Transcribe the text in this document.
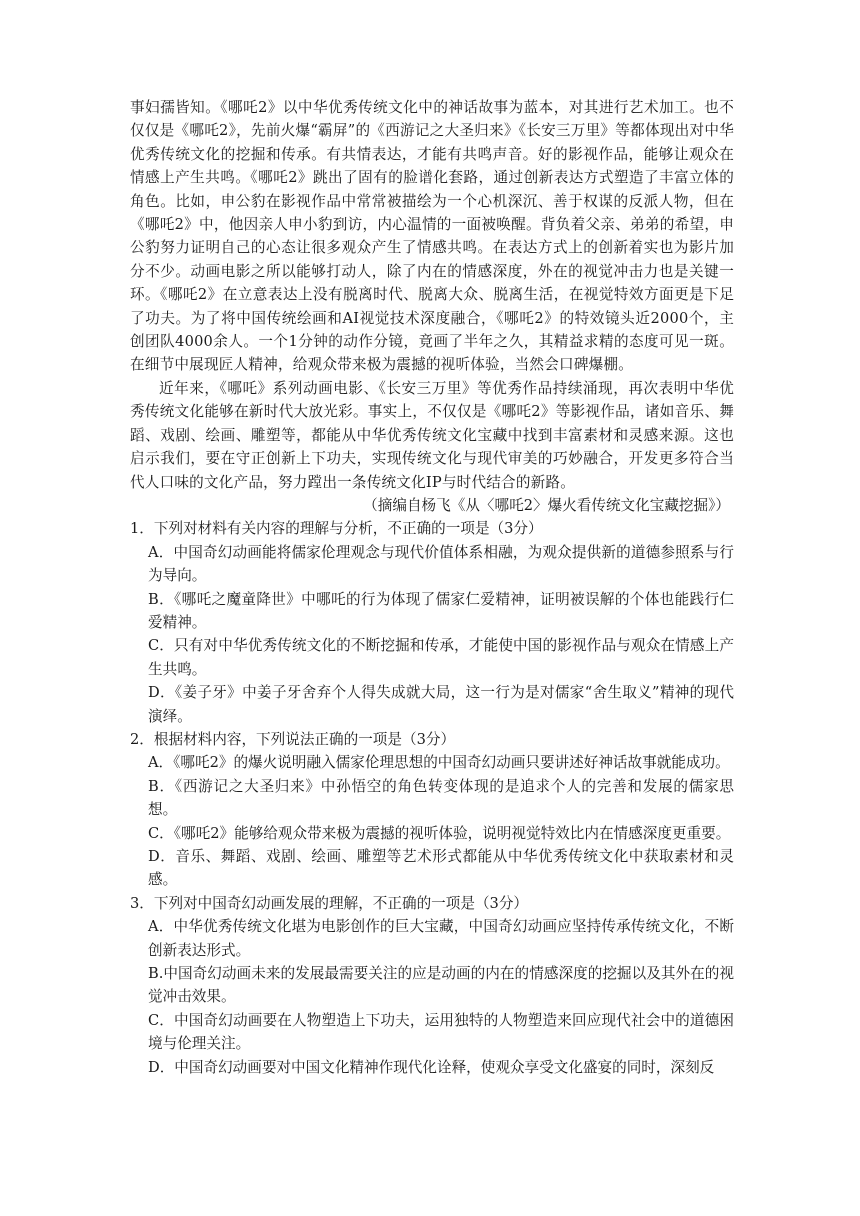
事妇孺皆知。《哪吒2》以中华优秀传统文化中的神话故事为蓝本，对其进行艺术加工。也不仅仅是《哪吒2》，先前火爆“霸屏”的《西游记之大圣归来》《长安三万里》等都体现出对中华优秀传统文化的挖掘和传承。有共情表达，才能有共鸣声音。好的影视作品，能够让观众在情感上产生共鸣。《哪吒2》跳出了固有的脸谱化套路，通过创新表达方式塑造了丰富立体的角色。比如，申公豹在影视作品中常常被描绘为一个心机深沉、善于权谋的反派人物，但在《哪吒2》中，他因亲人申小豹到访，内心温情的一面被唤醒。背负着父亲、弟弟的希望，申公豹努力证明自己的心态让很多观众产生了情感共鸣。在表达方式上的创新着实也为影片加分不少。动画电影之所以能够打动人，除了内在的情感深度，外在的视觉冲击力也是关键一环。《哪吒2》在立意表达上没有脱离时代、脱离大众、脱离生活，在视觉特效方面更是下足了功夫。为了将中国传统绘画和AI视觉技术深度融合，《哪吒2》的特效镜头近2000个，主创团队4000余人。一个1分钟的动作分镜，竟画了半年之久，其精益求精的态度可见一斑。在细节中展现匠人精神，给观众带来极为震撼的视听体验，当然会口碑爆棚。

近年来，《哪吒》系列动画电影、《长安三万里》等优秀作品持续涌现，再次表明中华优秀传统文化能够在新时代大放光彩。事实上，不仅仅是《哪吒2》等影视作品，诸如音乐、舞蹈、戏剧、绘画、雕塑等，都能从中华优秀传统文化宝藏中找到丰富素材和灵感来源。这也启示我们，要在守正创新上下功夫，实现传统文化与现代审美的巧妙融合，开发更多符合当代人口味的文化产品，努力蹚出一条传统文化IP与时代结合的新路。

（摘编自杨飞《从〈哪吒2〉爆火看传统文化宝藏挖掘》）

1．下列对材料有关内容的理解与分析，不正确的一项是（3分）

A．中国奇幻动画能将儒家伦理观念与现代价值体系相融，为观众提供新的道德参照系与行为导向。
B．《哪吒之魔童降世》中哪吒的行为体现了儒家仁爱精神，证明被误解的个体也能践行仁爱精神。
C．只有对中华优秀传统文化的不断挖掘和传承，才能使中国的影视作品与观众在情感上产生共鸣。
D．《姜子牙》中姜子牙舍弃个人得失成就大局，这一行为是对儒家“舍生取义”精神的现代演绎。

2．根据材料内容，下列说法正确的一项是（3分）

A．《哪吒2》的爆火说明融入儒家伦理思想的中国奇幻动画只要讲述好神话故事就能成功。
B．《西游记之大圣归来》中孙悟空的角色转变体现的是追求个人的完善和发展的儒家思想。
C．《哪吒2》能够给观众带来极为震撼的视听体验，说明视觉特效比内在情感深度更重要。
D．音乐、舞蹈、戏剧、绘画、雕塑等艺术形式都能从中华优秀传统文化中获取素材和灵感。

3．下列对中国奇幻动画发展的理解，不正确的一项是（3分）

A．中华优秀传统文化堪为电影创作的巨大宝藏，中国奇幻动画应坚持传承传统文化，不断创新表达形式。
B.中国奇幻动画未来的发展最需要关注的应是动画的内在的情感深度的挖掘以及其外在的视觉冲击效果。
C．中国奇幻动画要在人物塑造上下功夫，运用独特的人物塑造来回应现代社会中的道德困境与伦理关注。
D．中国奇幻动画要对中国文化精神作现代化诠释，使观众享受文化盛宴的同时，深刻反
